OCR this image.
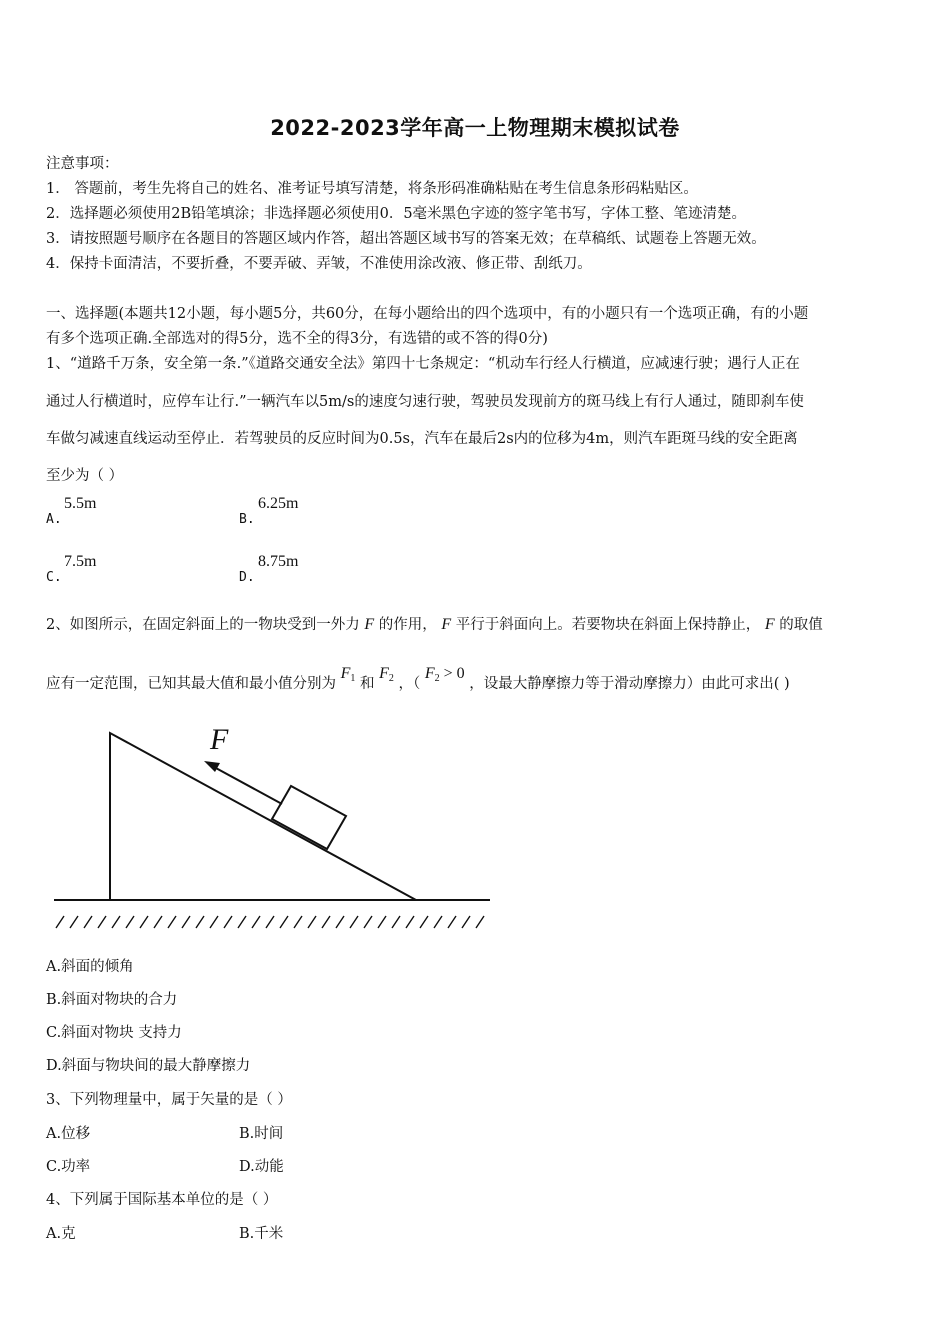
2022-2023学年高一上物理期末模拟试卷
注意事项：
1． 答题前，考生先将自己的姓名、准考证号填写清楚，将条形码准确粘贴在考生信息条形码粘贴区。
2．选择题必须使用2B铅笔填涂；非选择题必须使用0．5毫米黑色字迹的签字笔书写，字体工整、笔迹清楚。
3．请按照题号顺序在各题目的答题区域内作答，超出答题区域书写的答案无效；在草稿纸、试题卷上答题无效。
4．保持卡面清洁，不要折叠，不要弄破、弄皱，不准使用涂改液、修正带、刮纸刀。
一、选择题(本题共12小题，每小题5分，共60分，在每小题给出的四个选项中，有的小题只有一个选项正确，有的小题
有多个选项正确.全部选对的得5分，选不全的得3分，有选错的或不答的得0分)
1、“道路千万条，安全第一条.”《道路交通安全法》第四十七条规定：“机动车行经人行横道，应减速行驶；遇行人正在
通过人行横道时，应停车让行.”一辆汽车以5m/s的速度匀速行驶，驾驶员发现前方的斑马线上有行人通过，随即刹车使
车做匀减速直线运动至停止．若驾驶员的反应时间为0.5s，汽车在最后2s内的位移为4m，则汽车距斑马线的安全距离
至少为（ ）
A.
5.5m
B.
6.25m
C.
7.5m
D.
8.75m
2、如图所示，在固定斜面上的一物块受到一外力 F 的作用， F 平行于斜面向上。若要物块在斜面上保持静止， F 的取值
应有一定范围，已知其最大值和最小值分别为 $F_1$ 和 $F_2$ ，（ $F_2 > 0$ ，设最大静摩擦力等于滑动摩擦力）由此可求出( )
F
A.斜面的倾角
B.斜面对物块的合力
C.斜面对物块 支持力
D.斜面与物块间的最大静摩擦力
3、下列物理量中，属于矢量的是（ ）
A.位移	B.时间
C.功率	D.动能
4、下列属于国际基本单位的是（ ）
A.克	B.千米
